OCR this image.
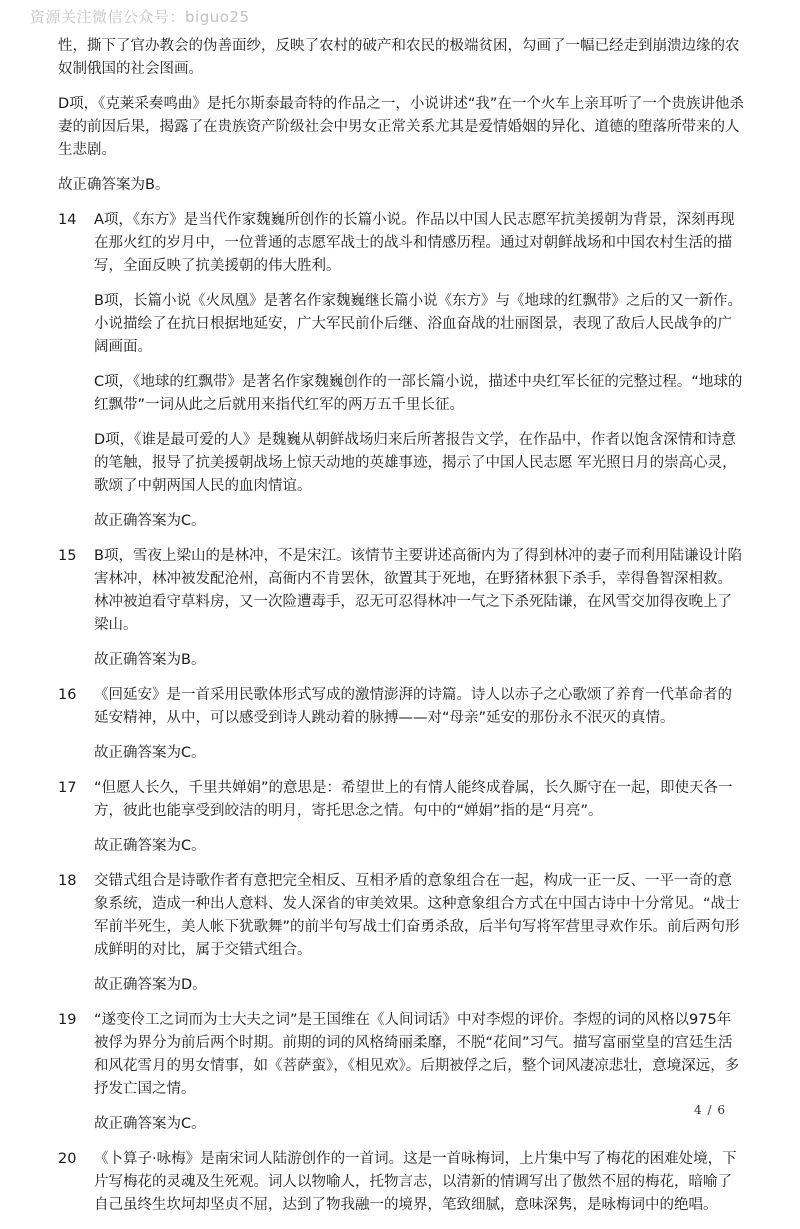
资源关注微信公众号：biguo25

性，撕下了官办教会的伪善面纱，反映了农村的破产和农民的极端贫困，勾画了一幅已经走到崩溃边缘的农奴制俄国的社会图画。

D项，《克莱采奏鸣曲》是托尔斯泰最奇特的作品之一，小说讲述“我”在一个火车上亲耳听了一个贵族讲他杀妻的前因后果，揭露了在贵族资产阶级社会中男女正常关系尤其是爱情婚姻的异化、道德的堕落所带来的人生悲剧。

故正确答案为B。

14 A项，《东方》是当代作家魏巍所创作的长篇小说。作品以中国人民志愿军抗美援朝为背景，深刻再现在那火红的岁月中，一位普通的志愿军战士的战斗和情感历程。通过对朝鲜战场和中国农村生活的描写，全面反映了抗美援朝的伟大胜利。

B项，长篇小说《火凤凰》是著名作家魏巍继长篇小说《东方》与《地球的红飘带》之后的又一新作。小说描绘了在抗日根据地延安，广大军民前仆后继、浴血奋战的壮丽图景，表现了敌后人民战争的广阔画面。

C项，《地球的红飘带》是著名作家魏巍创作的一部长篇小说，描述中央红军长征的完整过程。“地球的红飘带”一词从此之后就用来指代红军的两万五千里长征。

D项，《谁是最可爱的人》是魏巍从朝鲜战场归来后所著报告文学，在作品中，作者以饱含深情和诗意的笔触，报导了抗美援朝战场上惊天动地的英雄事迹，揭示了中国人民志愿 军光照日月的崇高心灵，歌颂了中朝两国人民的血肉情谊。

故正确答案为C。

15 B项，雪夜上梁山的是林冲，不是宋江。该情节主要讲述高衙内为了得到林冲的妻子而利用陆谦设计陷害林冲，林冲被发配沧州，高衙内不肯罢休，欲置其于死地，在野猪林狠下杀手，幸得鲁智深相救。林冲被迫看守草料房，又一次险遭毒手，忍无可忍得林冲一气之下杀死陆谦，在风雪交加得夜晚上了梁山。

故正确答案为B。

16 《回延安》是一首采用民歌体形式写成的激情澎湃的诗篇。诗人以赤子之心歌颂了养育一代革命者的延安精神，从中，可以感受到诗人跳动着的脉搏——对“母亲”延安的那份永不泯灭的真情。

故正确答案为C。

17 “但愿人长久，千里共婵娟”的意思是：希望世上的有情人能终成眷属，长久厮守在一起，即使天各一方，彼此也能享受到皎洁的明月，寄托思念之情。句中的“婵娟”指的是“月亮”。

故正确答案为C。

18 交错式组合是诗歌作者有意把完全相反、互相矛盾的意象组合在一起，构成一正一反、一平一奇的意象系统，造成一种出人意料、发人深省的审美效果。这种意象组合方式在中国古诗中十分常见。“战士军前半死生，美人帐下犹歌舞”的前半句写战士们奋勇杀敌，后半句写将军营里寻欢作乐。前后两句形成鲜明的对比，属于交错式组合。

故正确答案为D。

19 “遂变伶工之词而为士大夫之词”是王国维在《人间词话》中对李煜的评价。李煜的词的风格以975年被俘为界分为前后两个时期。前期的词的风格绮丽柔靡，不脱“花间”习气。描写富丽堂皇的宫廷生活和风花雪月的男女情事，如《菩萨蛮》，《相见欢》。后期被俘之后，整个词风凄凉悲壮，意境深远，多抒发亡国之情。

故正确答案为C。

20 《卜算子·咏梅》是南宋词人陆游创作的一首词。这是一首咏梅词，上片集中写了梅花的困难处境，下片写梅花的灵魂及生死观。词人以物喻人，托物言志，以清新的情调写出了傲然不屈的梅花，暗喻了自己虽终生坎坷却坚贞不屈，达到了物我融一的境界，笔致细腻，意味深隽，是咏梅词中的绝唱。

4 / 6
